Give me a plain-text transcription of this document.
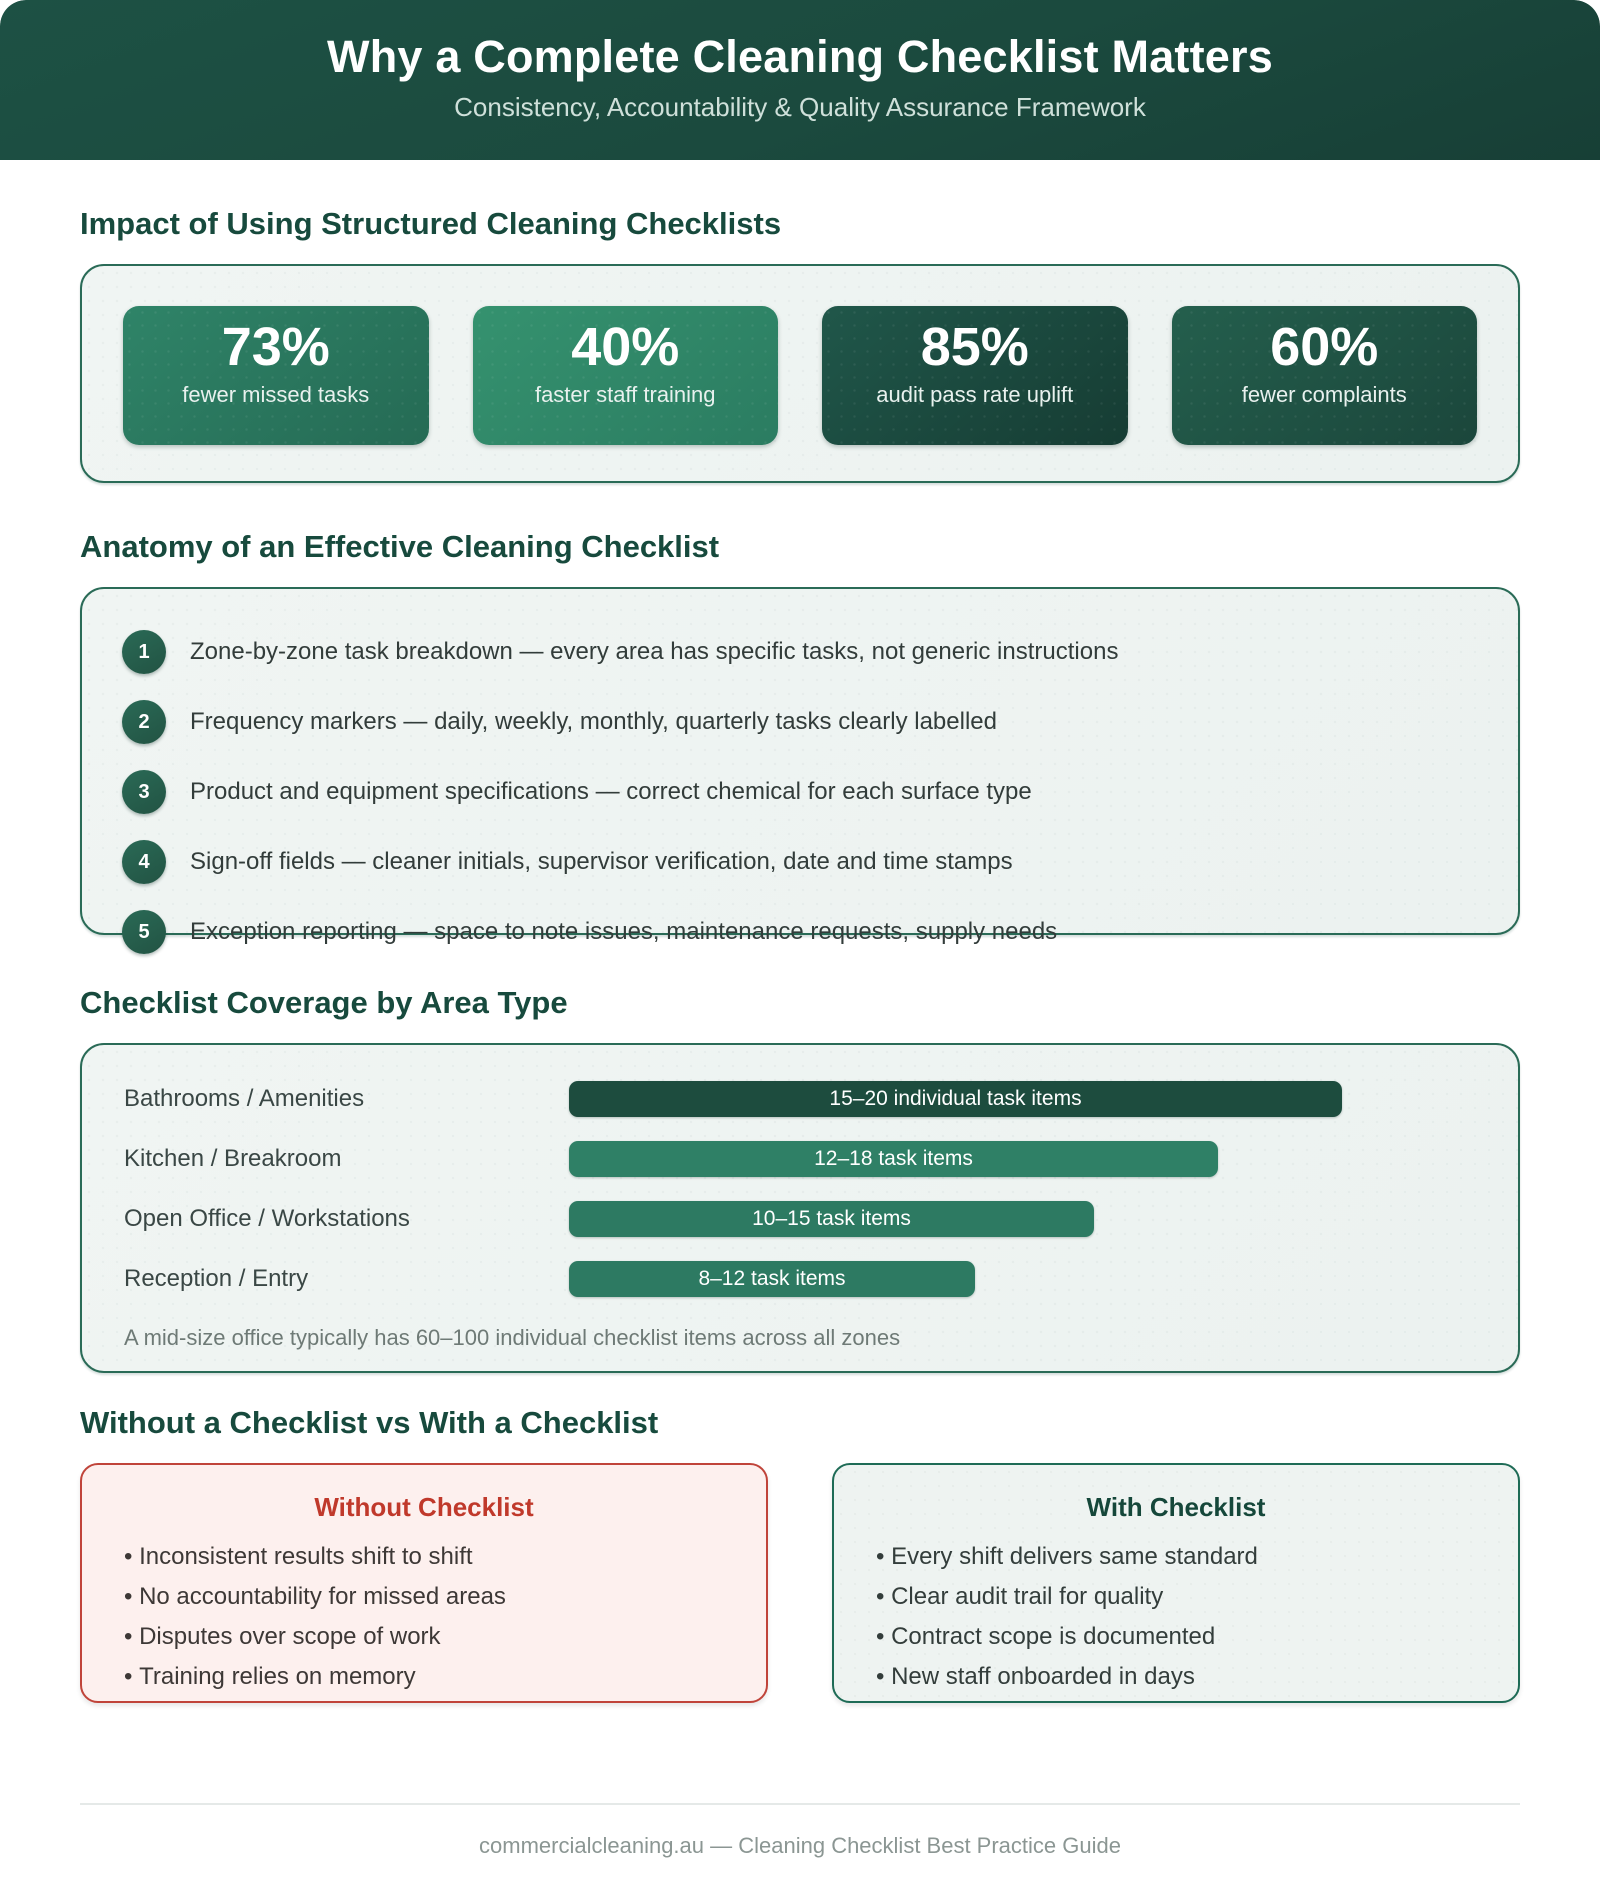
Why a Complete Cleaning Checklist Matters
Consistency, Accountability & Quality Assurance Framework
Impact of Using Structured Cleaning Checklists
73%
fewer missed tasks
40%
faster staff training
85%
audit pass rate uplift
60%
fewer complaints
Anatomy of an Effective Cleaning Checklist
1	Zone-by-zone task breakdown — every area has specific tasks, not generic instructions
2	Frequency markers — daily, weekly, monthly, quarterly tasks clearly labelled
3	Product and equipment specifications — correct chemical for each surface type
4	Sign-off fields — cleaner initials, supervisor verification, date and time stamps
5	Exception reporting — space to note issues, maintenance requests, supply needs
Checklist Coverage by Area Type
Bathrooms / Amenities	15–20 individual task items
Kitchen / Breakroom	12–18 task items
Open Office / Workstations	10–15 task items
Reception / Entry	8–12 task items
A mid-size office typically has 60–100 individual checklist items across all zones
Without a Checklist vs With a Checklist
Without Checklist
• Inconsistent results shift to shift
• No accountability for missed areas
• Disputes over scope of work
• Training relies on memory
With Checklist
• Every shift delivers same standard
• Clear audit trail for quality
• Contract scope is documented
• New staff onboarded in days
commercialcleaning.au — Cleaning Checklist Best Practice Guide
